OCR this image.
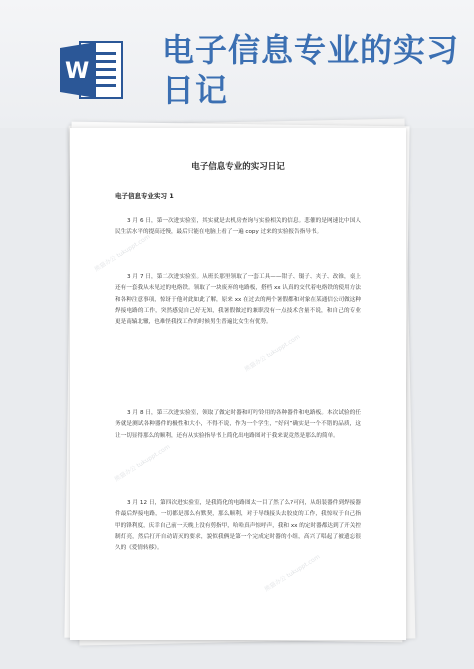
W
电子信息专业的实习日记
电子信息专业的实习日记
电子信息专业实习 1
3 月 6 日，第一次进实验室，其实就是去机房查询与实验相关的信息。悲催的是网速比中国人民生活水平的提高还慢，最后只能在电脑上看了一遍 copy 过来的实验报告指导书。
3 月 7 日，第二次进实验室。从班长那里领取了一套工具——钳子、镊子、夹子、改锥，桌上还有一套我从未见过的电烙铁。领取了一块废弃的电路板，搭档 xx 认真的交代着电烙铁的使用方法和各种注意事项，惊讶于他对此如此了解，原来 xx 在过去的两个暑假都和对象在某通信公司做这种焊接电路的工作，突然感觉自己好无知，我暑假做过的兼职没有一点技术含量不说，和自己的专业更是南辕北辙，也难怪我找工作的时候男生普遍比女生有优势。
3 月 8 日，第三次进实验室，领取了做定时器和叮咛铃用的各种器件和电路板。本次试验的任务就是测试各种器件的极性和大小，不得不说，作为一个学生，“好问”确实是一个不错的品质，这让一切显得那么的顺利，还有从实验指导书上简化出电路图对于我来说竟然是那么的简单。
3 月 12 日，第四次进实验室，是我简化的电路图太一目了然了么?可问，从组装器件到焊接器件最后焊接电路，一切都是那么有默契，那么顺利，对于导线接头去胶皮的工作，我惊叹于自己指甲的锋利度，庆幸自己前一天晚上没有剪指甲，哈哈真声惊呼声，我和 xx 的定时器都达到了开关控制灯亮，然后打开自动请灭的要求，貌似我俩是第一个完成定时器的小组，高兴了唱起了被遗忘很久的《爱情转移》。
熊猫办公 tukuppt.com
熊猫办公 tukuppt.com
熊猫办公 tukuppt.com
熊猫办公 tukuppt.com
